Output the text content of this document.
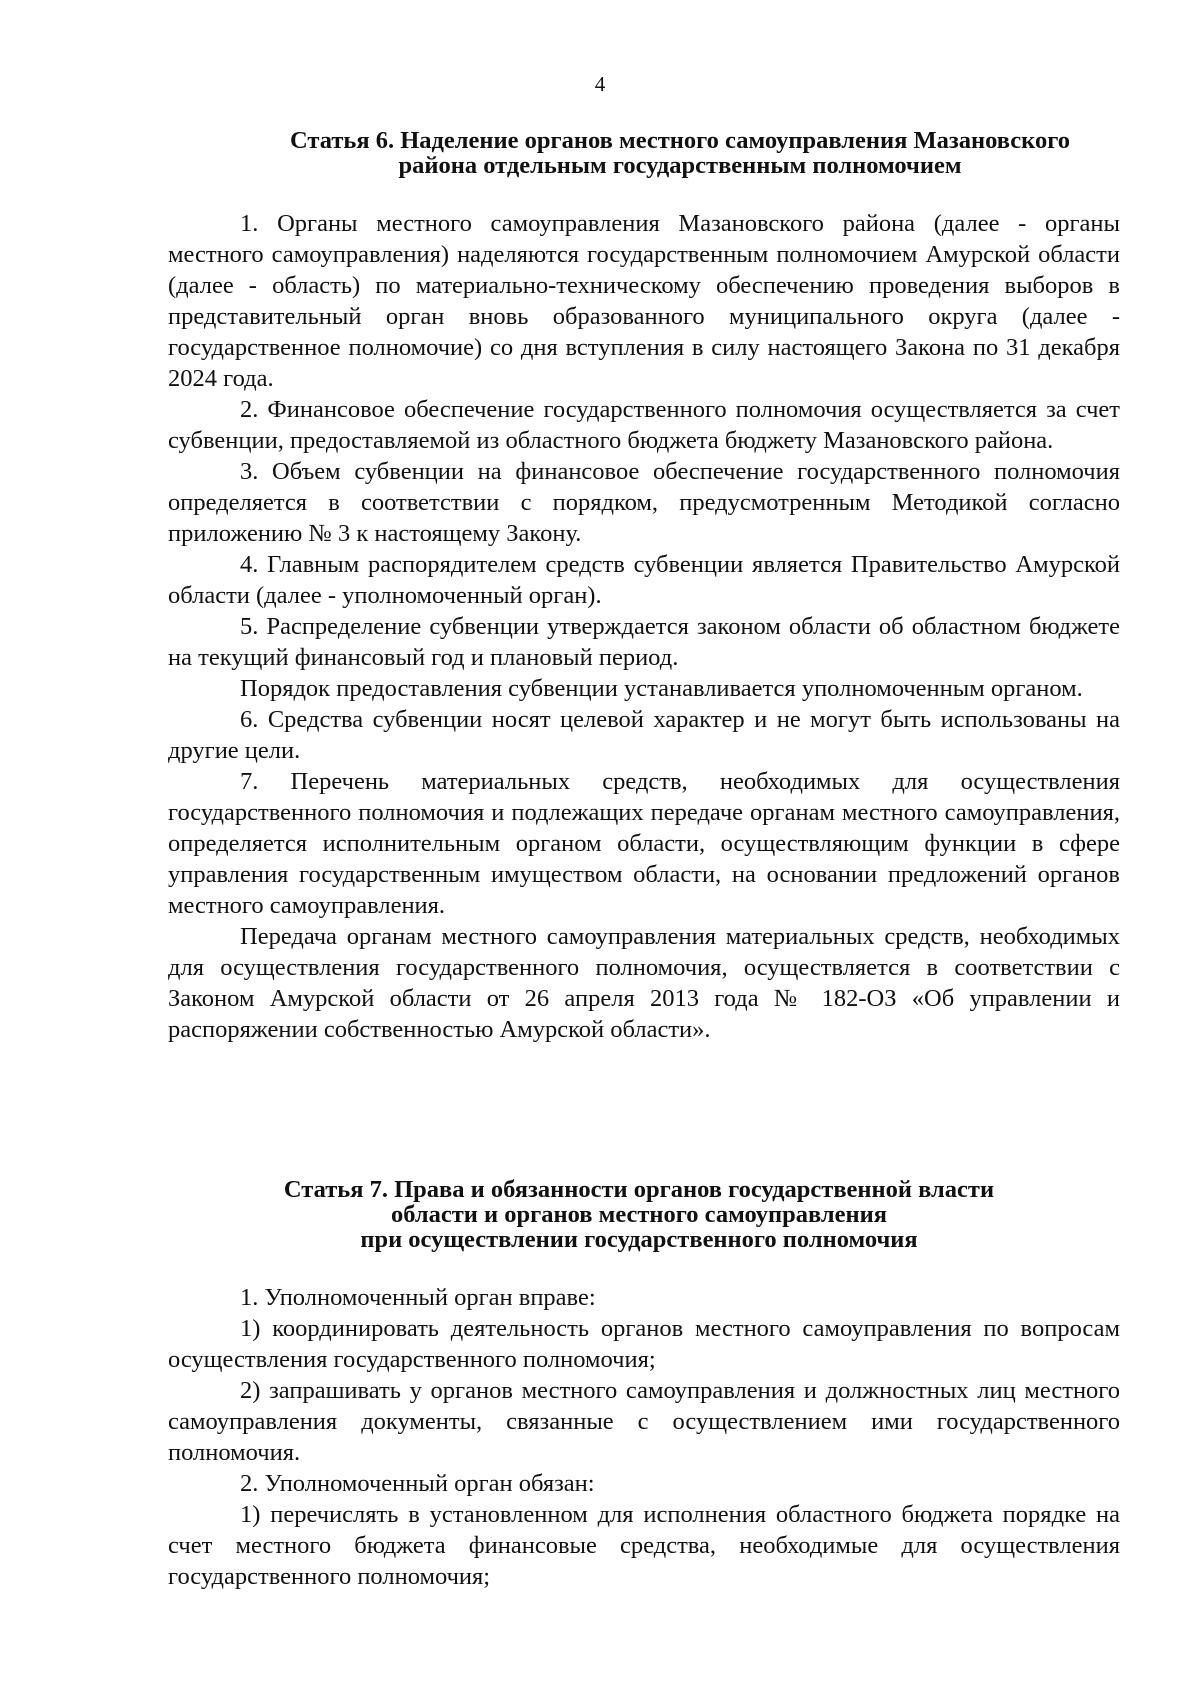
4
Статья 6. Наделение органов местного самоуправления Мазановского
района отдельным государственным полномочием

1. Органы местного самоуправления Мазановского района (далее - органы местного самоуправления) наделяются государственным полномочием Амурской области (далее - область) по материально-техническому обеспечению проведения выборов в представительный орган вновь образованного муниципального округа (далее - государственное полномочие) со дня вступления в силу настоящего Закона по 31 декабря 2024 года.

2. Финансовое обеспечение государственного полномочия осуществляется за счет субвенции, предоставляемой из областного бюджета бюджету Мазановского района.

3. Объем субвенции на финансовое обеспечение государственного полномочия определяется в соответствии с порядком, предусмотренным Методикой согласно приложению № 3 к настоящему Закону.

4. Главным распорядителем средств субвенции является Правительство Амурской области (далее - уполномоченный орган).

5. Распределение субвенции утверждается законом области об областном бюджете на текущий финансовый год и плановый период.

Порядок предоставления субвенции устанавливается уполномоченным органом.

6. Средства субвенции носят целевой характер и не могут быть использованы на другие цели.

7. Перечень материальных средств, необходимых для осуществления государственного полномочия и подлежащих передаче органам местного самоуправления, определяется исполнительным органом области, осуществляющим функции в сфере управления государственным имуществом области, на основании предложений органов местного самоуправления.

Передача органам местного самоуправления материальных средств, необходимых для осуществления государственного полномочия, осуществляется в соответствии с Законом Амурской области от 26 апреля 2013 года № 182-ОЗ «Об управлении и распоряжении собственностью Амурской области».

Статья 7. Права и обязанности органов государственной власти
области и органов местного самоуправления
при осуществлении государственного полномочия

1. Уполномоченный орган вправе:

1) координировать деятельность органов местного самоуправления по вопросам осуществления государственного полномочия;

2) запрашивать у органов местного самоуправления и должностных лиц местного самоуправления документы, связанные с осуществлением ими государственного полномочия.

2. Уполномоченный орган обязан:

1) перечислять в установленном для исполнения областного бюджета порядке на счет местного бюджета финансовые средства, необходимые для осуществления государственного полномочия;
